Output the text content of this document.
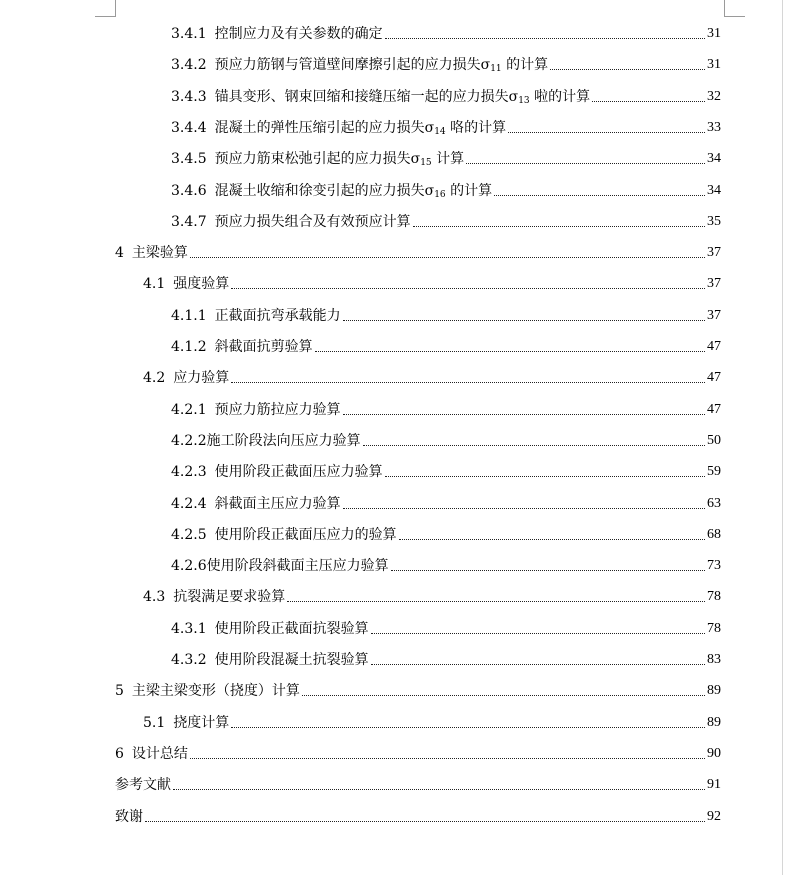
3.4.1 控制应力及有关参数的确定	31
3.4.2 预应力筋钢与管道壁间摩擦引起的应力损失$\sigma_{11}$ 的计算	31
3.4.3 锚具变形、钢束回缩和接缝压缩一起的应力损失$\sigma_{13}$ 啦的计算	32
3.4.4 混凝土的弹性压缩引起的应力损失$\sigma_{14}$ 咯的计算	33
3.4.5 预应力筋束松弛引起的应力损失$\sigma_{15}$ 计算	34
3.4.6 混凝土收缩和徐变引起的应力损失$\sigma_{16}$ 的计算	34
3.4.7 预应力损失组合及有效预应计算	35
4 主梁验算	37
4.1 强度验算	37
4.1.1 正截面抗弯承载能力	37
4.1.2 斜截面抗剪验算	47
4.2 应力验算	47
4.2.1 预应力筋拉应力验算	47
4.2.2 施工阶段法向压应力验算	50
4.2.3 使用阶段正截面压应力验算	59
4.2.4 斜截面主压应力验算	63
4.2.5 使用阶段正截面压应力的验算	68
4.2.6 使用阶段斜截面主压应力验算	73
4.3 抗裂满足要求验算	78
4.3.1 使用阶段正截面抗裂验算	78
4.3.2 使用阶段混凝土抗裂验算	83
5 主梁主梁变形（挠度）计算	89
5.1 挠度计算	89
6 设计总结	90
参考文献	91
致谢	92
